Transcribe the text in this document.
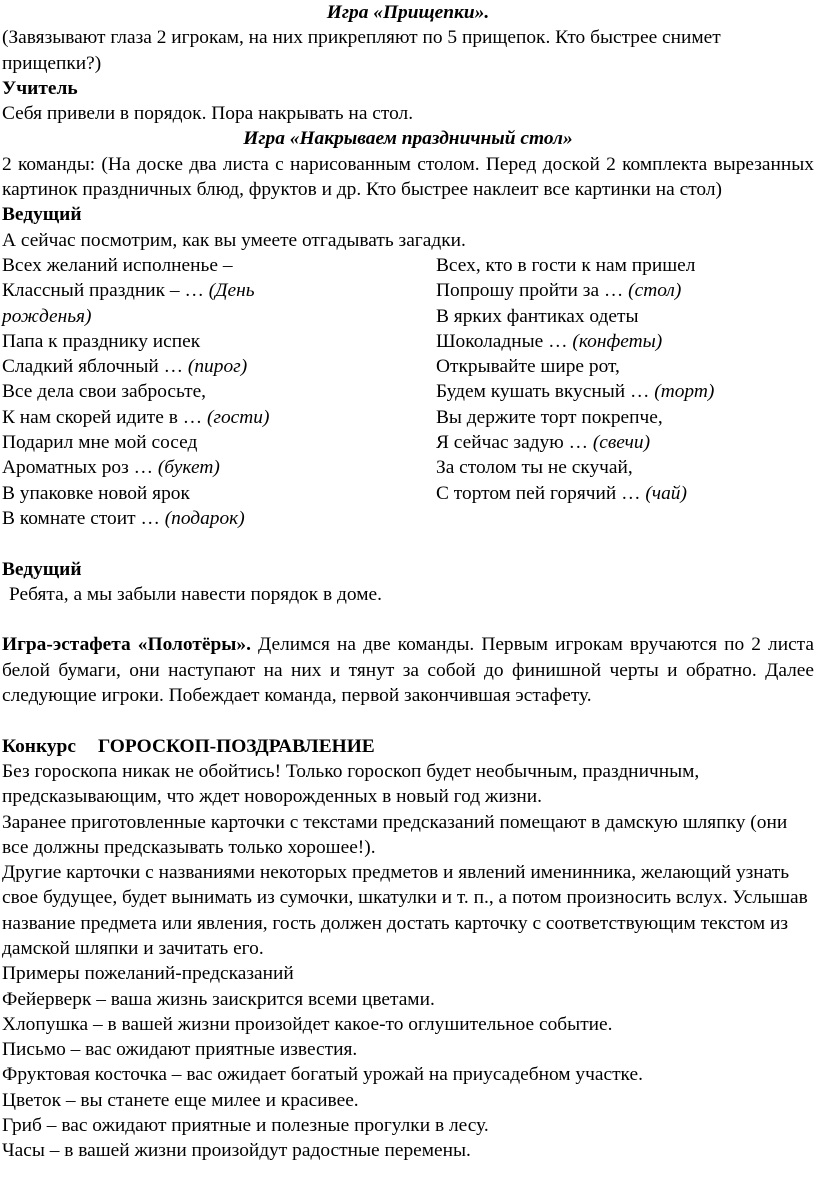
Игра «Прищепки».

(Завязывают глаза 2 игрокам, на них прикрепляют по 5 прищепок. Кто быстрее снимет прищепки?)

Учитель

Себя привели в порядок. Пора накрывать на стол.

Игра «Накрываем праздничный стол»

2 команды: (На доске два листа с нарисованным столом. Перед доской 2 комплекта вырезанных картинок праздничных блюд, фруктов и др. Кто быстрее наклеит все картинки на стол)

Ведущий

А сейчас посмотрим, как вы умеете отгадывать загадки.

Всех желаний исполненье –

Классный праздник – … (День

рожденья)

Папа к празднику испек

Сладкий яблочный … (пирог)

Все дела свои забросьте,

К нам скорей идите в … (гости)

Подарил мне мой сосед

Ароматных роз … (букет)

В упаковке новой ярок

В комнате стоит … (подарок)

Всех, кто в гости к нам пришел

Попрошу пройти за … (стол)

В ярких фантиках одеты

Шоколадные … (конфеты)

Открывайте шире рот,

Будем кушать вкусный … (торт)

Вы держите торт покрепче,

Я сейчас задую … (свечи)

За столом ты не скучай,

С тортом пей горячий … (чай)

Ведущий

Ребята, а мы забыли навести порядок в доме.

Игра-эстафета «Полотёры». Делимся на две команды. Первым игрокам вручаются по 2 листа белой бумаги, они наступают на них и тянут за собой до финишной черты и обратно. Далее следующие игроки. Побеждает команда, первой закончившая эстафету.

Конкурс ГОРОСКОП-ПОЗДРАВЛЕНИЕ

Без гороскопа никак не обойтись! Только гороскоп будет необычным, праздничным, предсказывающим, что ждет новорожденных в новый год жизни.

Заранее приготовленные карточки с текстами предсказаний помещают в дамскую шляпку (они все должны предсказывать только хорошее!).

Другие карточки с названиями некоторых предметов и явлений именинника, желающий узнать свое будущее, будет вынимать из сумочки, шкатулки и т. п., а потом произносить вслух. Услышав название предмета или явления, гость должен достать карточку с соответствующим текстом из дамской шляпки и зачитать его.

Примеры пожеланий-предсказаний

Фейерверк – ваша жизнь заискрится всеми цветами.

Хлопушка – в вашей жизни произойдет какое-то оглушительное событие.

Письмо – вас ожидают приятные известия.

Фруктовая косточка – вас ожидает богатый урожай на приусадебном участке.

Цветок – вы станете еще милее и красивее.

Гриб – вас ожидают приятные и полезные прогулки в лесу.

Часы – в вашей жизни произойдут радостные перемены.
